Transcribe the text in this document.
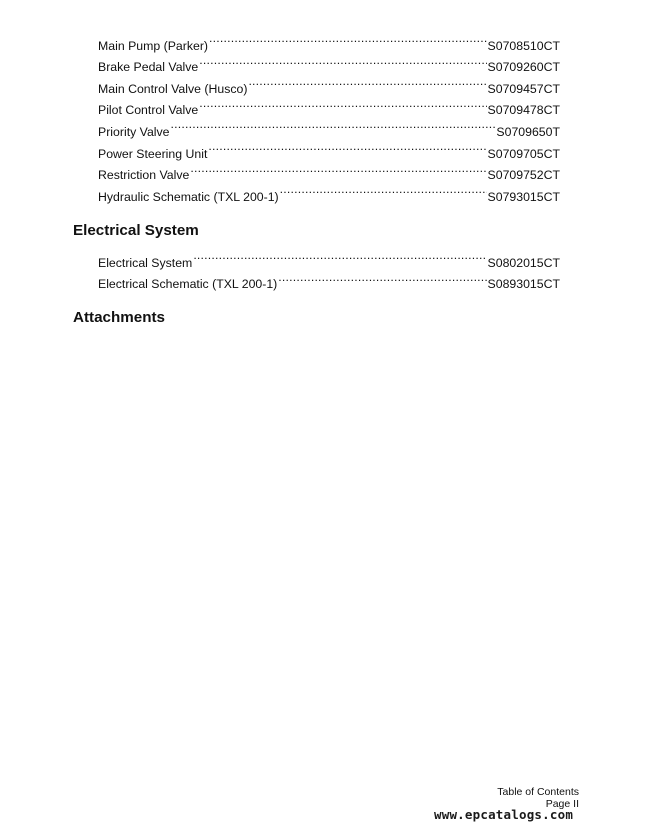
Main Pump (Parker) .....	S0708510CT
Brake Pedal Valve .....	S0709260CT
Main Control Valve (Husco) .....	S0709457CT
Pilot Control Valve .....	S0709478CT
Priority Valve .....	S0709650T
Power Steering Unit .....	S0709705CT
Restriction Valve .....	S0709752CT
Hydraulic Schematic (TXL 200-1) .....	S0793015CT
Electrical System
Electrical System .....	S0802015CT
Electrical Schematic (TXL 200-1) .....	S0893015CT
Attachments
Table of Contents
Page II
www.epcatalogs.com
